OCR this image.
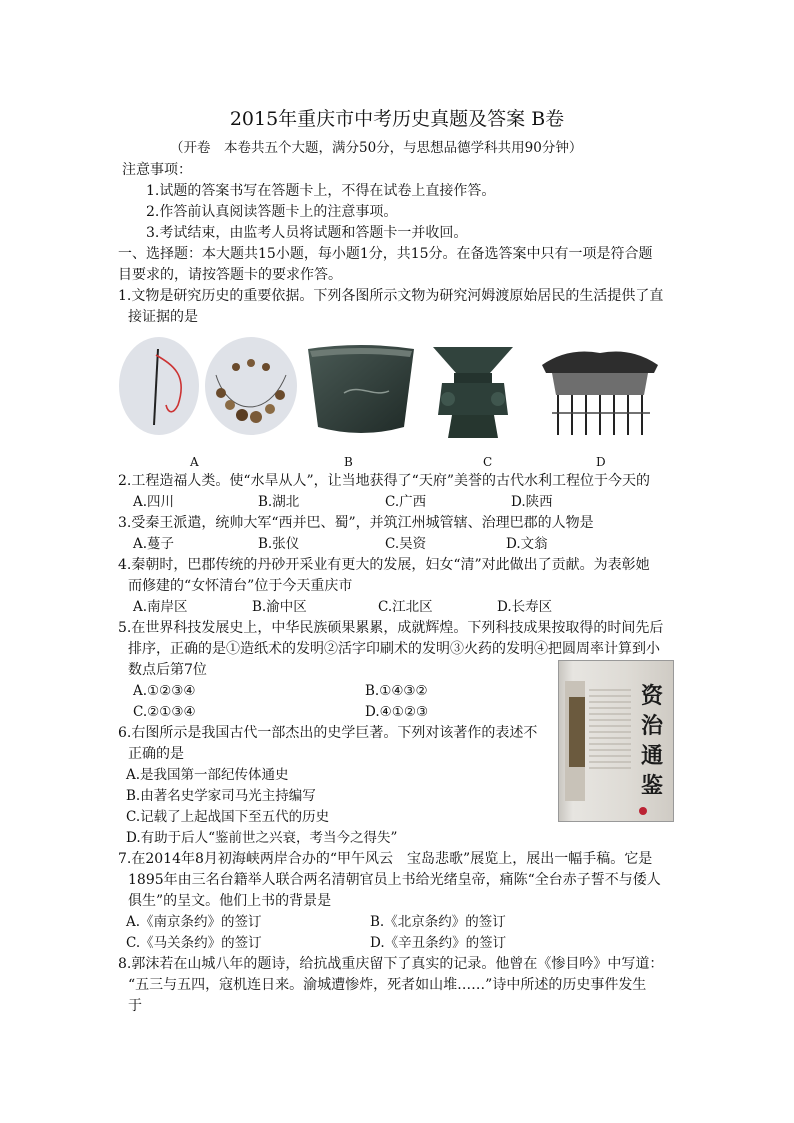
2015年重庆市中考历史真题及答案 B卷
（开卷　本卷共五个大题，满分50分，与思想品德学科共用90分钟）
注意事项：
1.试题的答案书写在答题卡上，不得在试卷上直接作答。
2.作答前认真阅读答题卡上的注意事项。
3.考试结束，由监考人员将试题和答题卡一并收回。
一、选择题：本大题共15小题，每小题1分，共15分。在备选答案中只有一项是符合题
目要求的，请按答题卡的要求作答。
1.文物是研究历史的重要依据。下列各图所示文物为研究河姆渡原始居民的生活提供了直
接证据的是
A	B	C	D
2.工程造福人类。使“水旱从人”，让当地获得了“天府”美誉的古代水利工程位于今天的
A.四川	B.湖北	C.广西	D.陕西
3.受秦王派遣，统帅大军“西并巴、蜀”，并筑江州城管辖、治理巴郡的人物是
A.蔓子	B.张仪	C.吴资	D.文翁
4.秦朝时，巴郡传统的丹砂开采业有更大的发展，妇女“清”对此做出了贡献。为表彰她
而修建的“女怀清台”位于今天重庆市
A.南岸区	B.渝中区	C.江北区	D.长寿区
5.在世界科技发展史上，中华民族硕果累累，成就辉煌。下列科技成果按取得的时间先后
排序，正确的是①造纸术的发明②活字印刷术的发明③火药的发明④把圆周率计算到小
数点后第7位
A.①②③④	B.①④③②
C.②①③④	D.④①②③
资
治
通
鉴
6.右图所示是我国古代一部杰出的史学巨著。下列对该著作的表述不
正确的是
A.是我国第一部纪传体通史
B.由著名史学家司马光主持编写
C.记载了上起战国下至五代的历史
D.有助于后人“鉴前世之兴衰，考当今之得失”
7.在2014年8月初海峡两岸合办的“甲午风云　宝岛悲歌”展览上，展出一幅手稿。它是
1895年由三名台籍举人联合两名清朝官员上书给光绪皇帝，痛陈“全台赤子誓不与倭人
俱生”的呈文。他们上书的背景是
A.《南京条约》的签订	B.《北京条约》的签订
C.《马关条约》的签订	D.《辛丑条约》的签订
8.郭沫若在山城八年的题诗，给抗战重庆留下了真实的记录。他曾在《惨目吟》中写道：
“五三与五四，寇机连日来。渝城遭惨炸，死者如山堆……”诗中所述的历史事件发生
于
